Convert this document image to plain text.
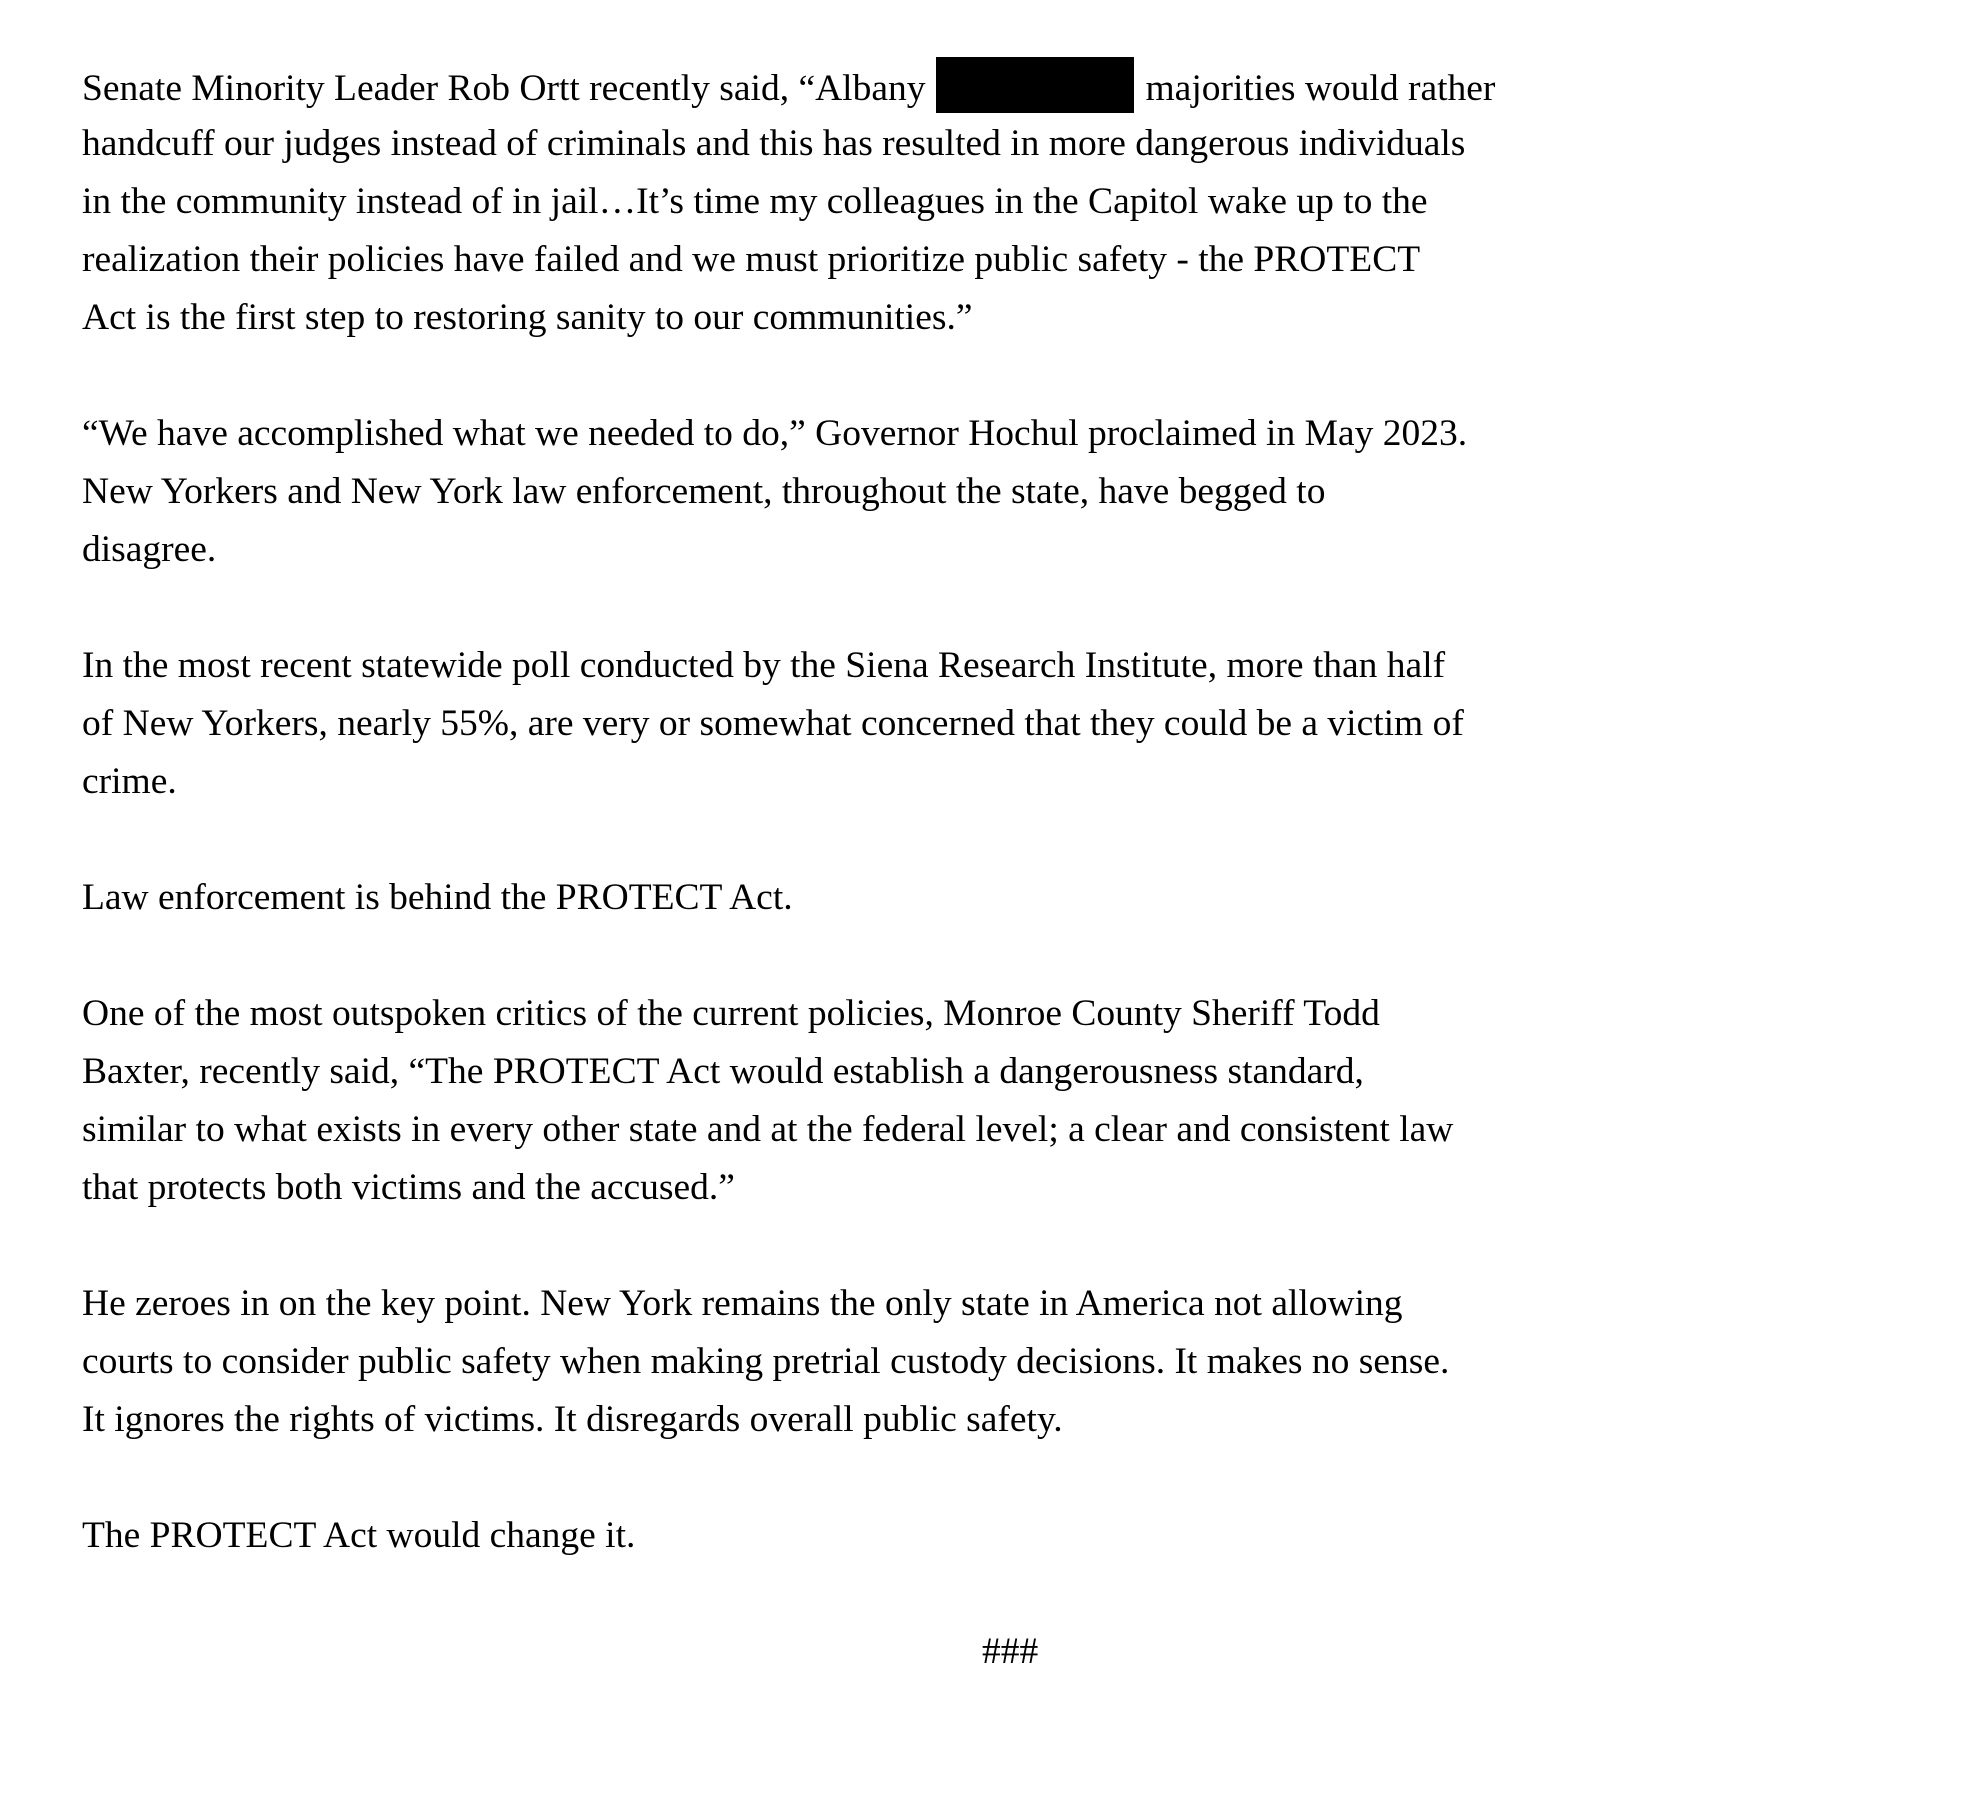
Senate Minority Leader Rob Ortt recently said, “Albany	majorities would rather
handcuff our judges instead of criminals and this has resulted in more dangerous individuals
in the community instead of in jail…It’s time my colleagues in the Capitol wake up to the
realization their policies have failed and we must prioritize public safety - the PROTECT
Act is the first step to restoring sanity to our communities.”
“We have accomplished what we needed to do,” Governor Hochul proclaimed in May 2023.
New Yorkers and New York law enforcement, throughout the state, have begged to
disagree.
In the most recent statewide poll conducted by the Siena Research Institute, more than half
of New Yorkers, nearly 55%, are very or somewhat concerned that they could be a victim of
crime.
Law enforcement is behind the PROTECT Act.
One of the most outspoken critics of the current policies, Monroe County Sheriff Todd
Baxter, recently said, “The PROTECT Act would establish a dangerousness standard,
similar to what exists in every other state and at the federal level; a clear and consistent law
that protects both victims and the accused.”
He zeroes in on the key point. New York remains the only state in America not allowing
courts to consider public safety when making pretrial custody decisions. It makes no sense.
It ignores the rights of victims. It disregards overall public safety.
The PROTECT Act would change it.
###
